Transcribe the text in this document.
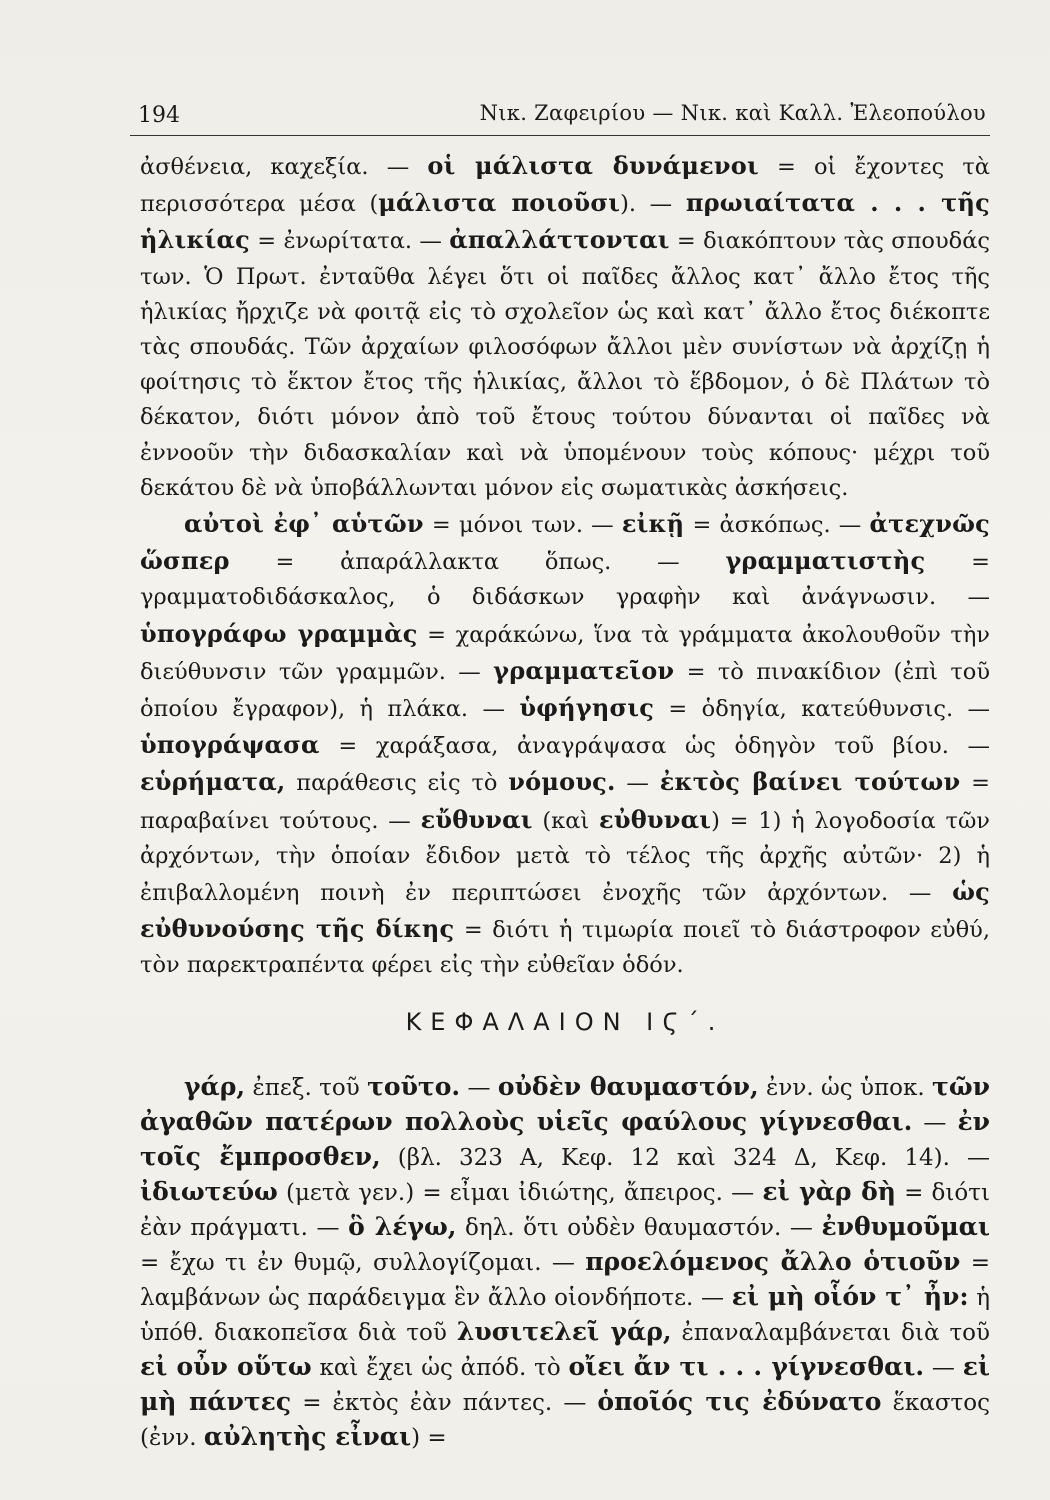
194	Νικ. Ζαφειρίου — Νικ. καὶ Καλλ. Ἐλεοπούλου

ἀσθένεια, καχεξία. — οἱ μάλιστα δυνάμενοι = οἱ ἔχοντες τὰ περισσότερα μέσα (μάλιστα ποιοῦσι). — πρωιαίτατα . . . τῆς ἡλικίας = ἐνωρίτατα. — ἀπαλλάττονται = διακόπτουν τὰς σπουδάς των. Ὁ Πρωτ. ἐνταῦθα λέγει ὅτι οἱ παῖδες ἄλλος κατ᾿ ἄλλο ἔτος τῆς ἡλικίας ἤρχιζε νὰ φοιτᾷ εἰς τὸ σχολεῖον ὡς καὶ κατ᾿ ἄλλο ἔτος διέκοπτε τὰς σπουδάς. Τῶν ἀρχαίων φιλοσόφων ἄλλοι μὲν συνίστων νὰ ἀρχίζῃ ἡ φοίτησις τὸ ἕκτον ἔτος τῆς ἡλικίας, ἄλλοι τὸ ἕβδομον, ὁ δὲ Πλάτων τὸ δέκατον, διότι μόνον ἀπὸ τοῦ ἔτους τούτου δύνανται οἱ παῖδες νὰ ἐννοοῦν τὴν διδασκαλίαν καὶ νὰ ὑπομένουν τοὺς κόπους· μέχρι τοῦ δεκάτου δὲ νὰ ὑποβάλλωνται μόνον εἰς σωματικὰς ἀσκήσεις.

αὐτοὶ ἐφ᾿ αὑτῶν = μόνοι των. — εἰκῇ = ἀσκόπως. — ἀτεχνῶς ὥσπερ = ἀπαράλλακτα ὅπως. — γραμματιστὴς = γραμματοδιδάσκαλος, ὁ διδάσκων γραφὴν καὶ ἀνάγνωσιν. — ὑπογράφω γραμμὰς = χαράκώνω, ἵνα τὰ γράμματα ἀκολουθοῦν τὴν διεύθυνσιν τῶν γραμμῶν. — γραμματεῖον = τὸ πινακίδιον (ἐπὶ τοῦ ὁποίου ἔγραφον), ἡ πλάκα. — ὑφήγησις = ὁδηγία, κατεύθυνσις. — ὑπογράψασα = χαράξασα, ἀναγράψασα ὡς ὁδηγὸν τοῦ βίου. — εὑρήματα, παράθεσις εἰς τὸ νόμους. — ἐκτὸς βαίνει τούτων = παραβαίνει τούτους. — εὔθυναι (καὶ εὐθυναι) = 1) ἡ λογοδοσία τῶν ἀρχόντων, τὴν ὁποίαν ἔδιδον μετὰ τὸ τέλος τῆς ἀρχῆς αὐτῶν· 2) ἡ ἐπιβαλλομένη ποινὴ ἐν περιπτώσει ἐνοχῆς τῶν ἀρχόντων. — ὡς εὐθυνούσης τῆς δίκης = διότι ἡ τιμωρία ποιεῖ τὸ διάστροφον εὐθύ, τὸν παρεκτραπέντα φέρει εἰς τὴν εὐθεῖαν ὁδόν.

ΚΕΦΑΛΑΙΟΝ ΙϚ΄.

γάρ, ἐπεξ. τοῦ τοῦτο. — οὐδὲν θαυμαστόν, ἐνν. ὡς ὑποκ. τῶν ἀγαθῶν πατέρων πολλοὺς υἱεῖς φαύλους γίγνεσθαι. — ἐν τοῖς ἔμπροσθεν, (βλ. 323 Α, Κεφ. 12 καὶ 324 Δ, Κεφ. 14). — ἰδιωτεύω (μετὰ γεν.) = εἶμαι ἰδιώτης, ἄπειρος. — εἰ γὰρ δὴ = διότι ἐὰν πράγματι. — ὃ λέγω, δηλ. ὅτι οὐδὲν θαυμαστόν. — ἐνθυμοῦμαι = ἔχω τι ἐν θυμῷ, συλλογίζομαι. — προελόμενος ἄλλο ὁτιοῦν = λαμβάνων ὡς παράδειγμα ἓν ἄλλο οἱονδήποτε. — εἰ μὴ οἷόν τ᾿ ἦν: ἡ ὑπόθ. διακοπεῖσα διὰ τοῦ λυσιτελεῖ γάρ, ἐπαναλαμβάνεται διὰ τοῦ εἰ οὖν οὕτω καὶ ἔχει ὡς ἀπόδ. τὸ οἴει ἄν τι . . . γίγνεσθαι. — εἰ μὴ πάντες = ἐκτὸς ἐὰν πάντες. — ὁποῖός τις ἐδύνατο ἕκαστος (ἐνν. αὐλητὴς εἶναι) =
